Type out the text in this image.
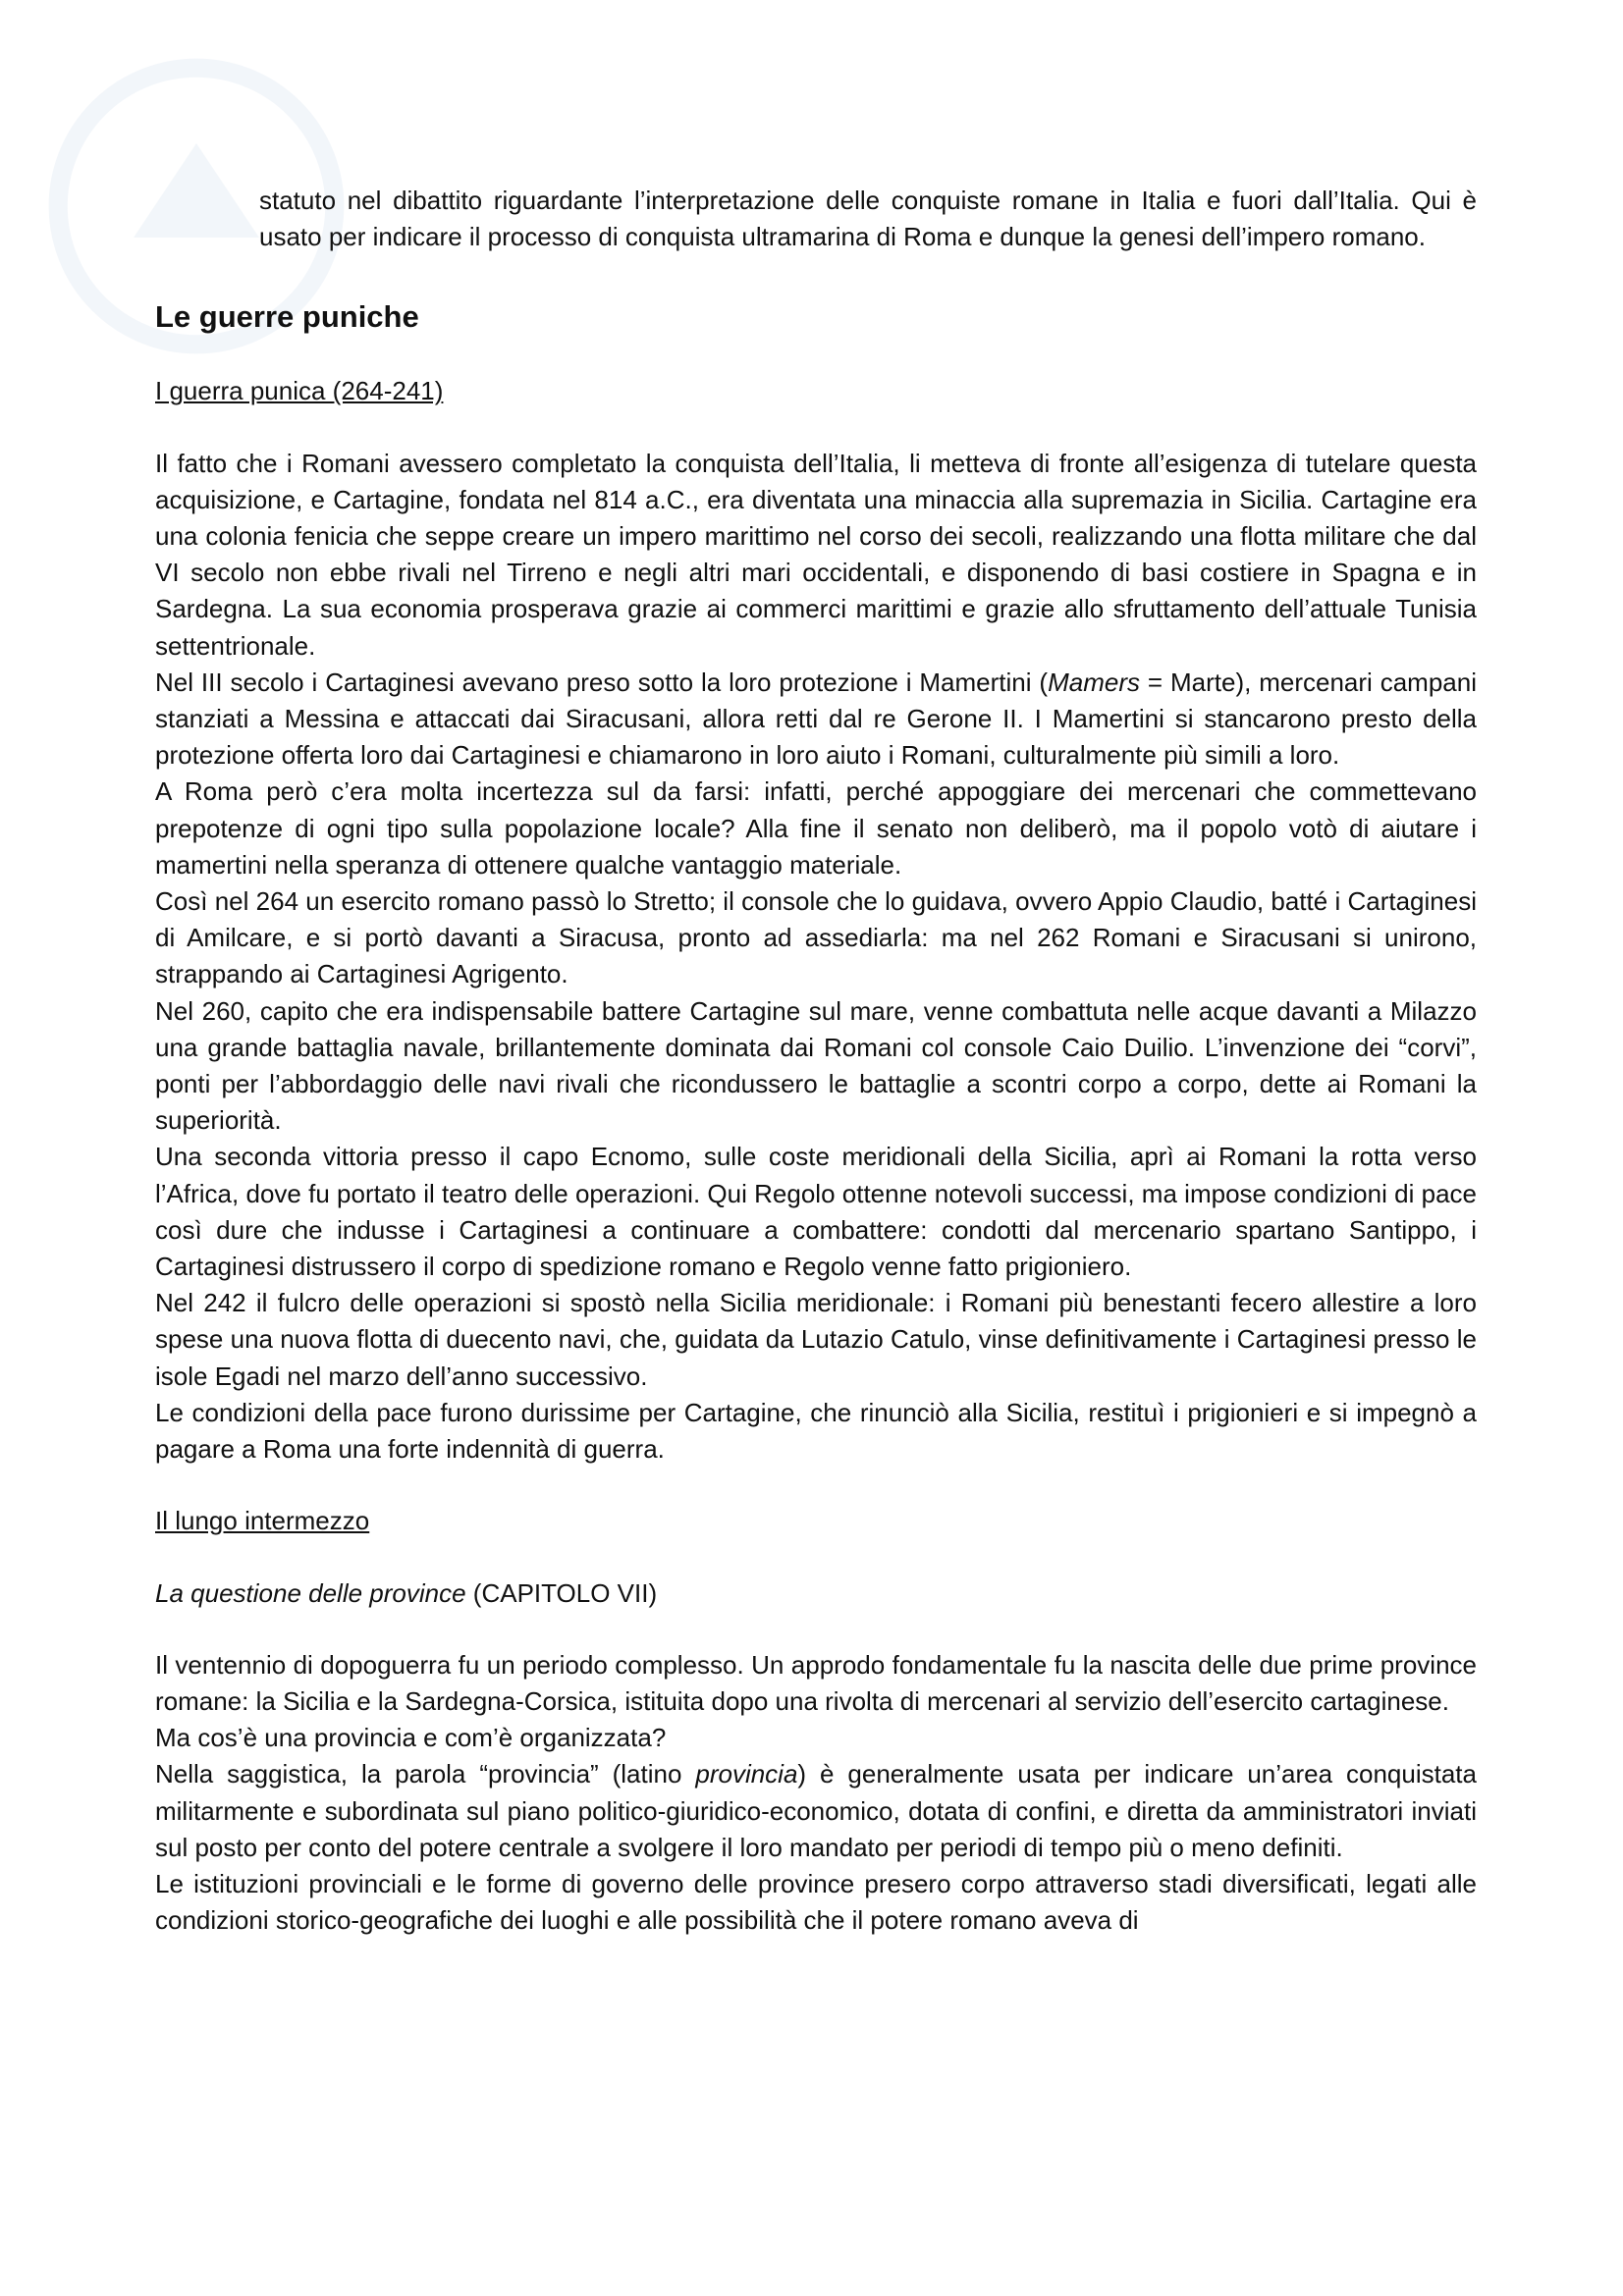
statuto nel dibattito riguardante l’interpretazione delle conquiste romane in Italia e fuori dall’Italia. Qui è usato per indicare il processo di conquista ultramarina di Roma e dunque la genesi dell’impero romano.

Le guerre puniche

I guerra punica (264-241)

Il fatto che i Romani avessero completato la conquista dell’Italia, li metteva di fronte all’esigenza di tutelare questa acquisizione, e Cartagine, fondata nel 814 a.C., era diventata una minaccia alla supremazia in Sicilia. Cartagine era una colonia fenicia che seppe creare un impero marittimo nel corso dei secoli, realizzando una flotta militare che dal VI secolo non ebbe rivali nel Tirreno e negli altri mari occidentali, e disponendo di basi costiere in Spagna e in Sardegna. La sua economia prosperava grazie ai commerci marittimi e grazie allo sfruttamento dell’attuale Tunisia settentrionale.

Nel III secolo i Cartaginesi avevano preso sotto la loro protezione i Mamertini (Mamers = Marte), mercenari campani stanziati a Messina e attaccati dai Siracusani, allora retti dal re Gerone II. I Mamertini si stancarono presto della protezione offerta loro dai Cartaginesi e chiamarono in loro aiuto i Romani, culturalmente più simili a loro.

A Roma però c’era molta incertezza sul da farsi: infatti, perché appoggiare dei mercenari che commettevano prepotenze di ogni tipo sulla popolazione locale? Alla fine il senato non deliberò, ma il popolo votò di aiutare i mamertini nella speranza di ottenere qualche vantaggio materiale.

Così nel 264 un esercito romano passò lo Stretto; il console che lo guidava, ovvero Appio Claudio, batté i Cartaginesi di Amilcare, e si portò davanti a Siracusa, pronto ad assediarla: ma nel 262 Romani e Siracusani si unirono, strappando ai Cartaginesi Agrigento.

Nel 260, capito che era indispensabile battere Cartagine sul mare, venne combattuta nelle acque davanti a Milazzo una grande battaglia navale, brillantemente dominata dai Romani col console Caio Duilio. L’invenzione dei “corvi”, ponti per l’abbordaggio delle navi rivali che ricondussero le battaglie a scontri corpo a corpo, dette ai Romani la superiorità.

Una seconda vittoria presso il capo Ecnomo, sulle coste meridionali della Sicilia, aprì ai Romani la rotta verso l’Africa, dove fu portato il teatro delle operazioni. Qui Regolo ottenne notevoli successi, ma impose condizioni di pace così dure che indusse i Cartaginesi a continuare a combattere: condotti dal mercenario spartano Santippo, i Cartaginesi distrussero il corpo di spedizione romano e Regolo venne fatto prigioniero.

Nel 242 il fulcro delle operazioni si spostò nella Sicilia meridionale: i Romani più benestanti fecero allestire a loro spese una nuova flotta di duecento navi, che, guidata da Lutazio Catulo, vinse definitivamente i Cartaginesi presso le isole Egadi nel marzo dell’anno successivo.

Le condizioni della pace furono durissime per Cartagine, che rinunciò alla Sicilia, restituì i prigionieri e si impegnò a pagare a Roma una forte indennità di guerra.

Il lungo intermezzo

La questione delle province (CAPITOLO VII)

Il ventennio di dopoguerra fu un periodo complesso. Un approdo fondamentale fu la nascita delle due prime province romane: la Sicilia e la Sardegna-Corsica, istituita dopo una rivolta di mercenari al servizio dell’esercito cartaginese.

Ma cos’è una provincia e com’è organizzata?

Nella saggistica, la parola “provincia” (latino provincia) è generalmente usata per indicare un’area conquistata militarmente e subordinata sul piano politico-giuridico-economico, dotata di confini, e diretta da amministratori inviati sul posto per conto del potere centrale a svolgere il loro mandato per periodi di tempo più o meno definiti.

Le istituzioni provinciali e le forme di governo delle province presero corpo attraverso stadi diversificati, legati alle condizioni storico-geografiche dei luoghi e alle possibilità che il potere romano aveva di
